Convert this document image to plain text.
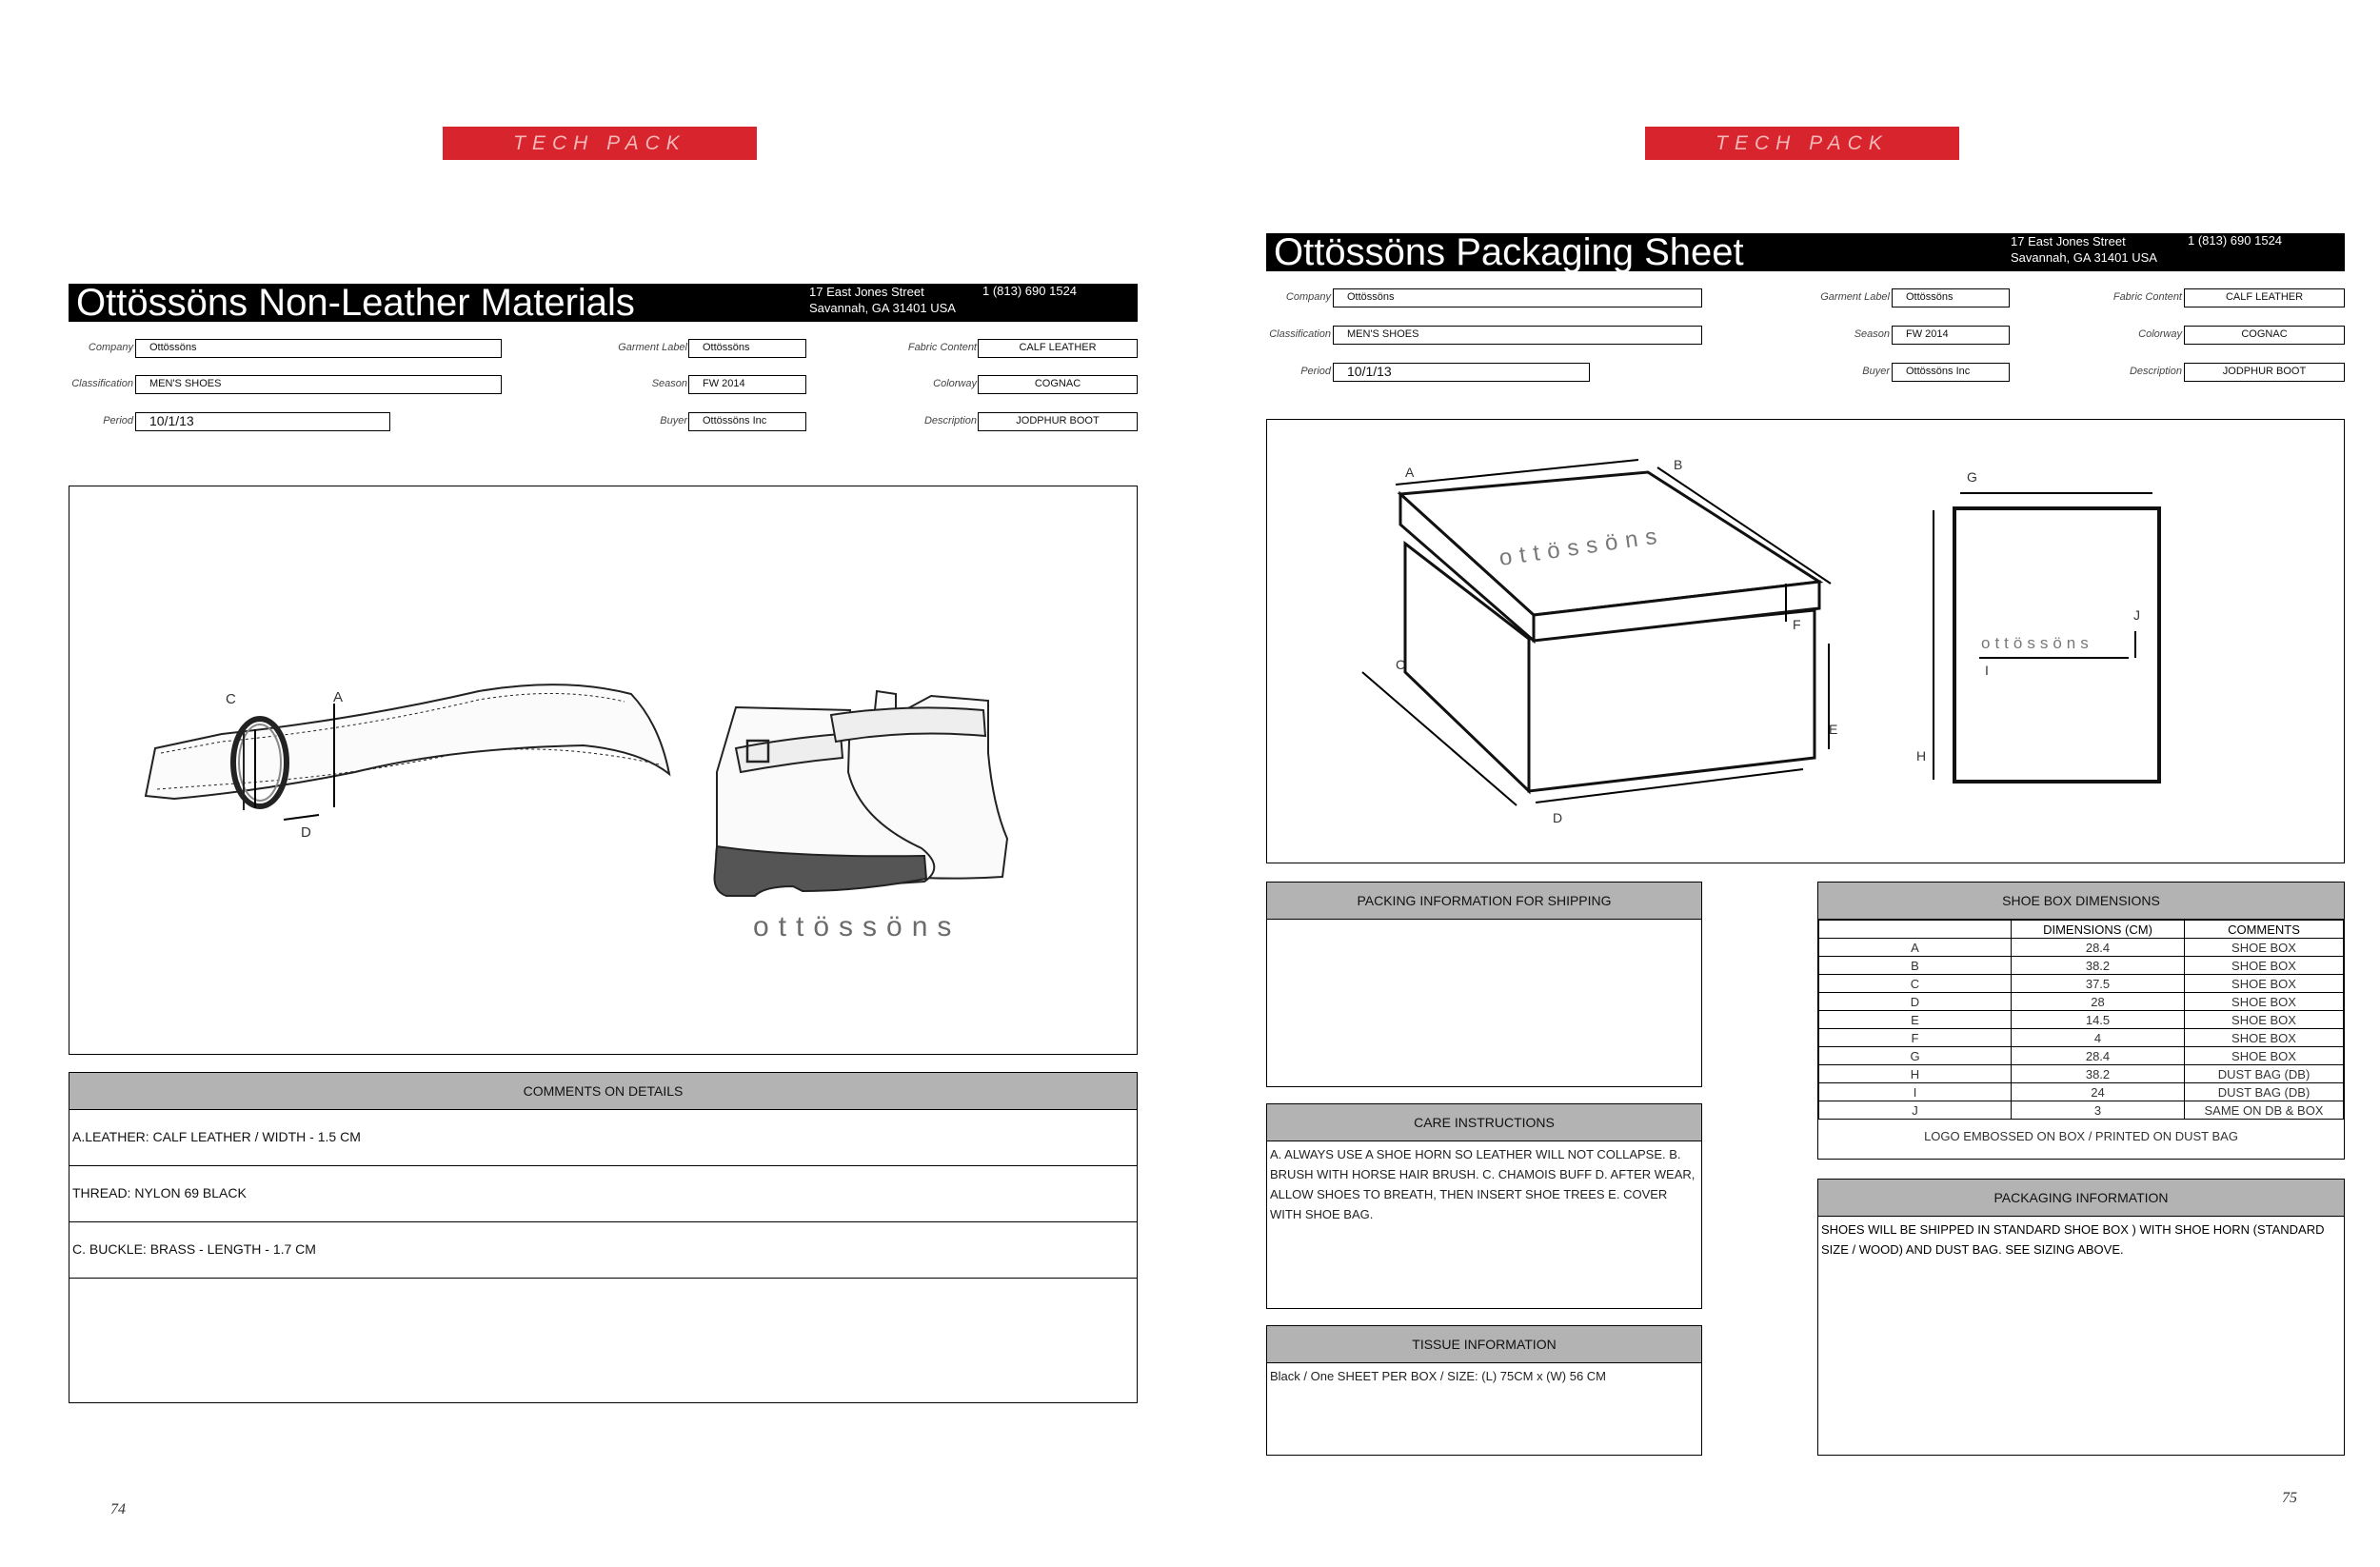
TECH PACK
Ottössöns Non-Leather Materials	17 East Jones Street
Savannah, GA 31401 USA
1 (813) 690 1524
Company	Ottössöns
Classification	MEN'S SHOES
Period	10/1/13
Garment Label	Ottössöns
Season	FW 2014
Buyer	Ottössöns Inc
Fabric Content	CALF LEATHER
Colorway	COGNAC
Description	JODPHUR BOOT
C	A
D
ottössöns
COMMENTS ON DETAILS
A.LEATHER: CALF LEATHER / WIDTH - 1.5 CM
THREAD: NYLON 69 BLACK
C. BUCKLE: BRASS - LENGTH - 1.7 CM
74
TECH PACK
Ottössöns Packaging Sheet	17 East Jones Street
Savannah, GA 31401 USA
1 (813) 690 1524
Company	Ottössöns
Classification	MEN'S SHOES
Period	10/1/13
Garment Label	Ottössöns
Season	FW 2014
Buyer	Ottössöns Inc
Fabric Content	CALF LEATHER
Colorway	COGNAC
Description	JODPHUR BOOT
ottössöns
A	B
F
C
D
E
ottössöns
G
H
I
J
PACKING INFORMATION FOR SHIPPING
CARE INSTRUCTIONS
A. ALWAYS USE A SHOE HORN SO LEATHER WILL NOT COLLAPSE. B. BRUSH WITH HORSE HAIR BRUSH. C. CHAMOIS BUFF D. AFTER WEAR, ALLOW SHOES TO BREATH, THEN INSERT SHOE TREES E. COVER WITH SHOE BAG.
TISSUE INFORMATION
Black / One SHEET PER BOX / SIZE: (L) 75CM x (W) 56 CM
SHOE BOX DIMENSIONS
	DIMENSIONS (CM)	COMMENTS
A	28.4	SHOE BOX
B	38.2	SHOE BOX
C	37.5	SHOE BOX
D	28	SHOE BOX
E	14.5	SHOE BOX
F	4	SHOE BOX
G	28.4	SHOE BOX
H	38.2	DUST BAG (DB)
I	24	DUST BAG (DB)
J	3	SAME ON DB & BOX
LOGO EMBOSSED ON BOX / PRINTED ON DUST BAG
PACKAGING INFORMATION
SHOES WILL BE SHIPPED IN STANDARD SHOE BOX ) WITH SHOE HORN (STANDARD SIZE / WOOD) AND DUST BAG. SEE SIZING ABOVE.
75
